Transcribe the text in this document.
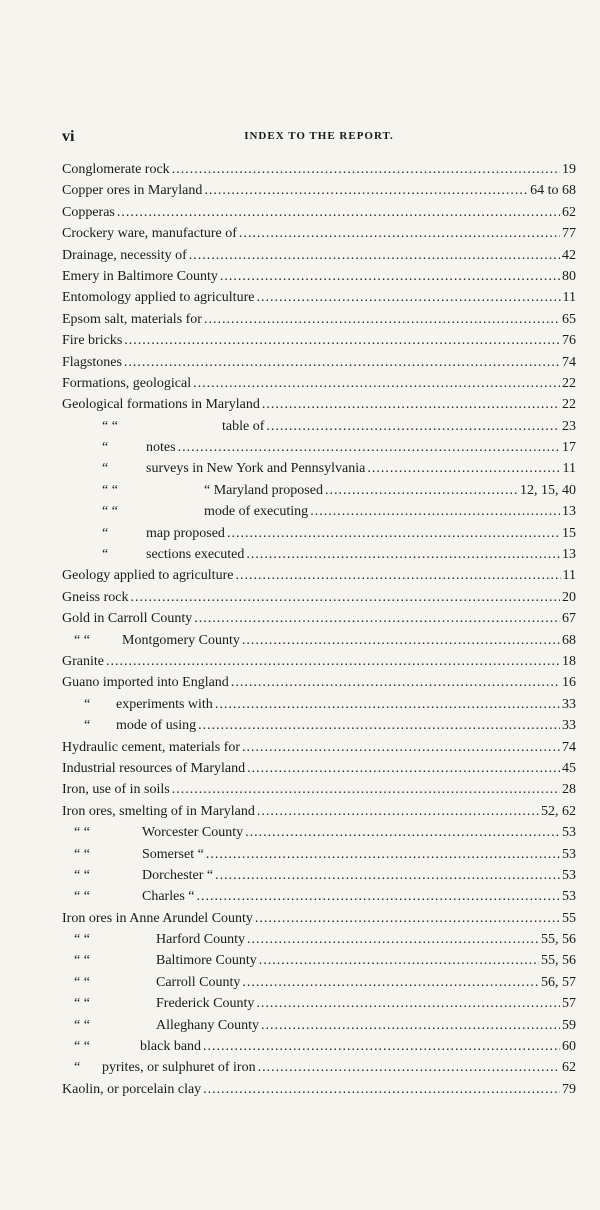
vi	INDEX TO THE REPORT.
Conglomerate rock .....	19
Copper ores in Maryland .....	64 to 68
Copperas .....	62
Crockery ware, manufacture of .....	77
Drainage, necessity of .....	42
Emery in Baltimore County .....	80
Entomology applied to agriculture .....	11
Epsom salt, materials for .....	65
Fire bricks .....	76
Flagstones .....	74
Formations, geological .....	22
Geological formations in Maryland .....	22
“ “	table of .....	23
“	notes .....	17
“	surveys in New York and Pennsylvania .....	11
“ “	“ Maryland proposed .....	12, 15, 40
“ “	mode of executing .....	13
“	map proposed .....	15
“	sections executed .....	13
Geology applied to agriculture .....	11
Gneiss rock .....	20
Gold in Carroll County .....	67
“ “	Montgomery County .....	68
Granite .....	18
Guano imported into England .....	16
“	experiments with .....	33
“	mode of using .....	33
Hydraulic cement, materials for .....	74
Industrial resources of Maryland .....	45
Iron, use of in soils .....	28
Iron ores, smelting of in Maryland .....	52, 62
“ “	Worcester County .....	53
“ “	Somerset “ .....	53
“ “	Dorchester “ .....	53
“ “	Charles “ .....	53
Iron ores in Anne Arundel County .....	55
“ “	Harford County .....	55, 56
“ “	Baltimore County .....	55, 56
“ “	Carroll County .....	56, 57
“ “	Frederick County .....	57
“ “	Alleghany County .....	59
“ “	black band .....	60
“	pyrites, or sulphuret of iron .....	62
Kaolin, or porcelain clay .....	79
